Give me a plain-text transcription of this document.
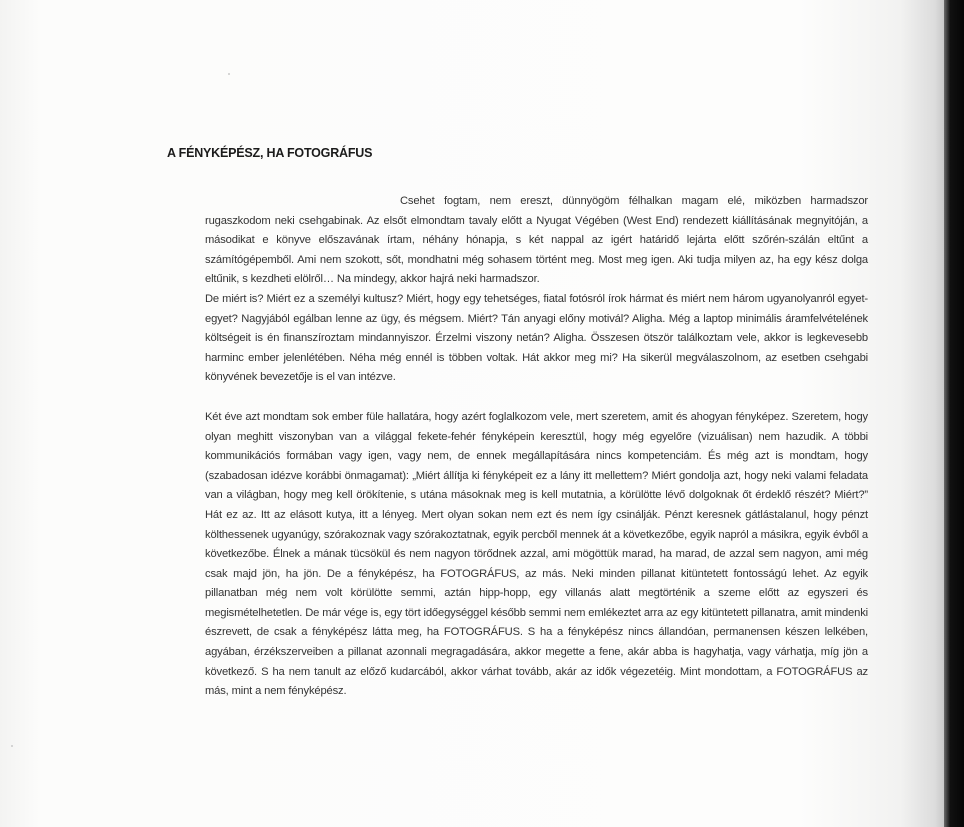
A FÉNYKÉPÉSZ, HA FOTOGRÁFUS

Csehet fogtam, nem ereszt, dünnyögöm félhalkan magam elé, miközben harmadszor rugaszkodom neki csehgabinak. Az elsőt elmondtam tavaly előtt a Nyugat Végében (West End) rendezett kiállításának megnyitóján, a másodikat e könyve előszavának írtam, néhány hónapja, s két nappal az igért határidő lejárta előtt szőrén-szálán eltűnt a számítógépemből. Ami nem szokott, sőt, mondhatni még sohasem történt meg. Most meg igen. Aki tudja milyen az, ha egy kész dolga eltűnik, s kezdheti elölről… Na mindegy, akkor hajrá neki harmadszor.

De miért is? Miért ez a személyi kultusz? Miért, hogy egy tehetséges, fiatal fotósról írok hármat és miért nem három ugyanolyanról egyet-egyet? Nagyjából egálban lenne az ügy, és mégsem. Miért? Tán anyagi előny motivál? Aligha. Még a laptop minimális áramfelvételének költségeit is én finanszíroztam mindannyiszor. Érzelmi viszony netán? Aligha. Összesen ötször találkoztam vele, akkor is legkevesebb harminc ember jelenlétében. Néha még ennél is többen voltak. Hát akkor meg mi? Ha sikerül megválaszolnom, az esetben csehgabi könyvének bevezetője is el van intézve.

Két éve azt mondtam sok ember füle hallatára, hogy azért foglalkozom vele, mert szeretem, amit és ahogyan fényképez. Szeretem, hogy olyan meghitt viszonyban van a világgal fekete-fehér fényképein keresztül, hogy még egyelőre (vizuálisan) nem hazudik. A többi kommunikációs formában vagy igen, vagy nem, de ennek megállapítására nincs kompetenciám. És még azt is mondtam, hogy (szabadosan idézve korábbi önmagamat): „Miért állítja ki fényképeit ez a lány itt mellettem? Miért gondolja azt, hogy neki valami feladata van a világban, hogy meg kell örökítenie, s utána másoknak meg is kell mutatnia, a körülötte lévő dolgoknak őt érdeklő részét? Miért?” Hát ez az. Itt az elásott kutya, itt a lényeg. Mert olyan sokan nem ezt és nem így csinálják. Pénzt keresnek gátlástalanul, hogy pénzt költhessenek ugyanúgy, szórakoznak vagy szórakoztatnak, egyik percből mennek át a következőbe, egyik napról a másikra, egyik évből a következőbe. Élnek a mának tücsökül és nem nagyon törődnek azzal, ami mögöttük marad, ha marad, de azzal sem nagyon, ami még csak majd jön, ha jön. De a fényképész, ha FOTOGRÁFUS, az más. Neki minden pillanat kitüntetett fontosságú lehet. Az egyik pillanatban még nem volt körülötte semmi, aztán hipp-hopp, egy villanás alatt megtörténik a szeme előtt az egyszeri és megismételhetetlen. De már vége is, egy tört időegységgel később semmi nem emlékeztet arra az egy kitüntetett pillanatra, amit mindenki észrevett, de csak a fényképész látta meg, ha FOTOGRÁFUS. S ha a fényképész nincs állandóan, permanensen készen lelkében, agyában, érzékszerveiben a pillanat azonnali megragadására, akkor megette a fene, akár abba is hagyhatja, vagy várhatja, míg jön a következő. S ha nem tanult az előző kudarcából, akkor várhat tovább, akár az idők végezetéig. Mint mondottam, a FOTOGRÁFUS az más, mint a nem fényképész.
